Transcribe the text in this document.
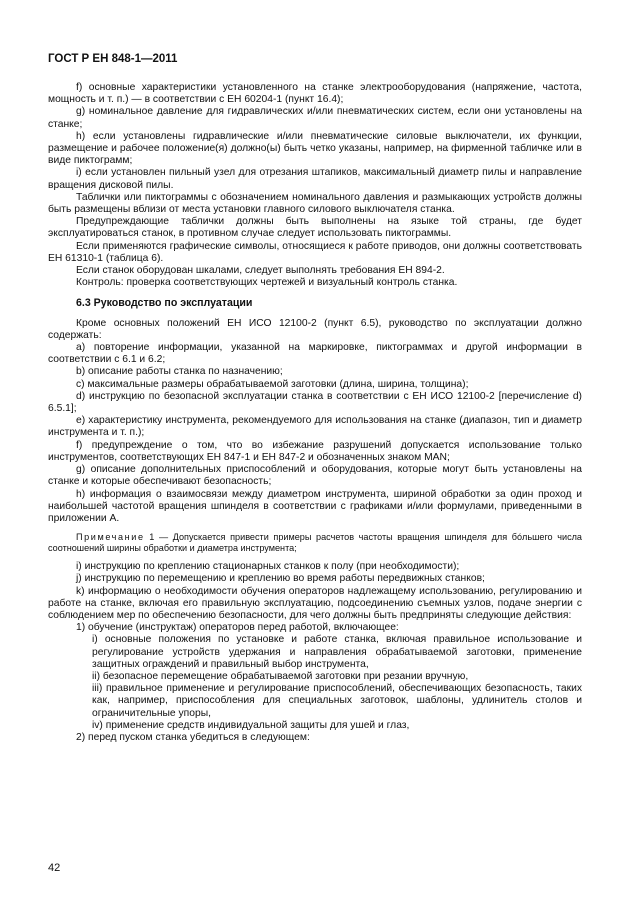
ГОСТ Р ЕН 848-1—2011

f) основные характеристики установленного на станке электрооборудования (напряжение, частота, мощность и т. п.) — в соответствии с ЕН 60204-1 (пункт 16.4);

g) номинальное давление для гидравлических и/или пневматических систем, если они установлены на станке;

h) если установлены гидравлические и/или пневматические силовые выключатели, их функции, размещение и рабочее положение(я) должно(ы) быть четко указаны, например, на фирменной табличке или в виде пиктограмм;

i) если установлен пильный узел для отрезания штапиков, максимальный диаметр пилы и направление вращения дисковой пилы.

Таблички или пиктограммы с обозначением номинального давления и размыкающих устройств должны быть размещены вблизи от места установки главного силового выключателя станка.

Предупреждающие таблички должны быть выполнены на языке той страны, где будет эксплуатироваться станок, в противном случае следует использовать пиктограммы.

Если применяются графические символы, относящиеся к работе приводов, они должны соответствовать ЕН 61310-1 (таблица 6).

Если станок оборудован шкалами, следует выполнять требования ЕН 894-2.

Контроль: проверка соответствующих чертежей и визуальный контроль станка.

6.3 Руководство по эксплуатации

Кроме основных положений ЕН ИСО 12100-2 (пункт 6.5), руководство по эксплуатации должно содержать:

а) повторение информации, указанной на маркировке, пиктограммах и другой информации в соответствии с 6.1 и 6.2;

b) описание работы станка по назначению;

c) максимальные размеры обрабатываемой заготовки (длина, ширина, толщина);

d) инструкцию по безопасной эксплуатации станка в соответствии с ЕН ИСО 12100-2 [перечисление d) 6.5.1];

e) характеристику инструмента, рекомендуемого для использования на станке (диапазон, тип и диаметр инструмента и т. п.);

f) предупреждение о том, что во избежание разрушений допускается использование только инструментов, соответствующих ЕН 847-1 и ЕН 847-2 и обозначенных знаком MAN;

g) описание дополнительных приспособлений и оборудования, которые могут быть установлены на станке и которые обеспечивают безопасность;

h) информация о взаимосвязи между диаметром инструмента, шириной обработки за один проход и наибольшей частотой вращения шпинделя в соответствии с графиками и/или формулами, приведенными в приложении А.

Примечание 1 — Допускается привести примеры расчетов частоты вращения шпинделя для бóльшего числа соотношений ширины обработки и диаметра инструмента;

i) инструкцию по креплению стационарных станков к полу (при необходимости);

j) инструкцию по перемещению и креплению во время работы передвижных станков;

k) информацию о необходимости обучения операторов надлежащему использованию, регулированию и работе на станке, включая его правильную эксплуатацию, подсоединению съемных узлов, подаче энергии с соблюдением мер по обеспечению безопасности, для чего должны быть предприняты следующие действия:

1) обучение (инструктаж) операторов перед работой, включающее:

i) основные положения по установке и работе станка, включая правильное использование и регулирование устройств удержания и направления обрабатываемой заготовки, применение защитных ограждений и правильный выбор инструмента,

ii) безопасное перемещение обрабатываемой заготовки при резании вручную,

iii) правильное применение и регулирование приспособлений, обеспечивающих безопасность, таких как, например, приспособления для специальных заготовок, шаблоны, удлинитель столов и ограничительные упоры,

iv) применение средств индивидуальной защиты для ушей и глаз,

2) перед пуском станка убедиться в следующем:

42
